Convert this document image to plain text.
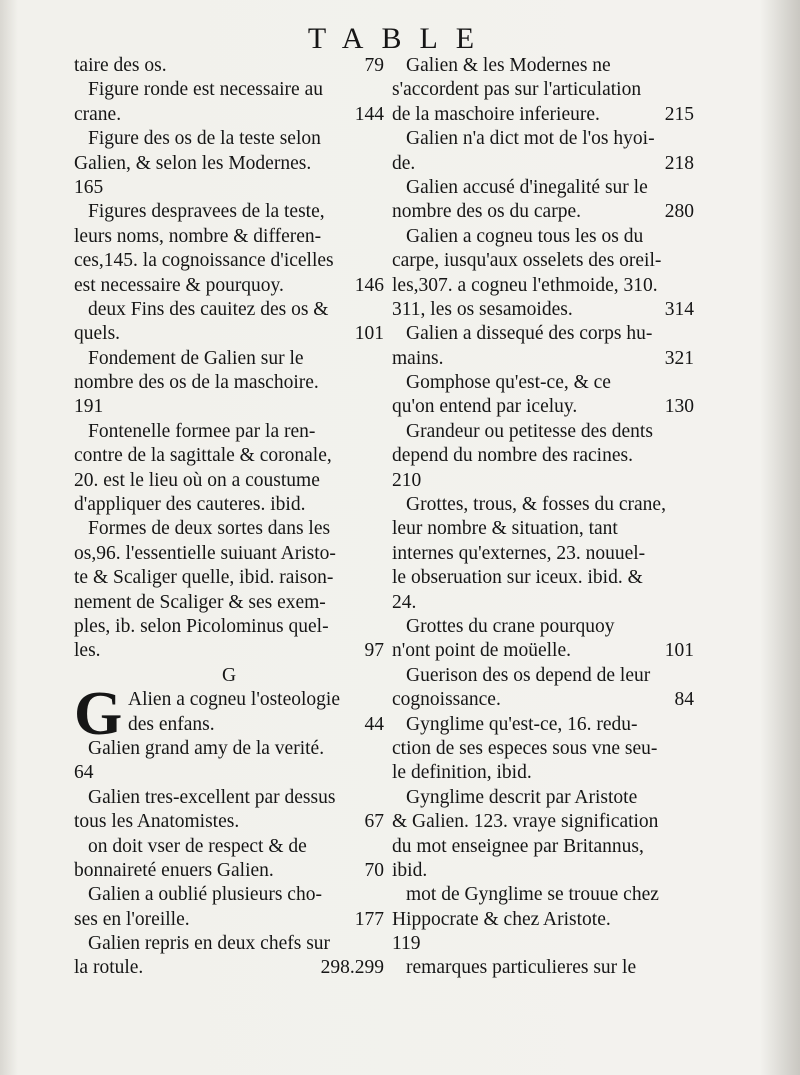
TABLE
taire des os.	79
Figure ronde est necessaire au
crane.	144
Figure des os de la teste selon
Galien, & selon les Modernes.
165
Figures despravees de la teste,
leurs noms, nombre & differen-
ces,145. la cognoissance d'icelles
est necessaire & pourquoy.	146
deux Fins des cauitez des os &
quels.	101
Fondement de Galien sur le
nombre des os de la maschoire.
191
Fontenelle formee par la ren-
contre de la sagittale & coronale,
20. est le lieu où on a coustume
d'appliquer des cauteres. ibid.
Formes de deux sortes dans les
os,96. l'essentielle suiuant Aristo-
te & Scaliger quelle, ibid. raison-
nement de Scaliger & ses exem-
ples, ib. selon Picolominus quel-
les.	97
G
G Alien a cogneu l'osteologie
des enfans.	44
Galien grand amy de la verité.
64
Galien tres-excellent par dessus
tous les Anatomistes.	67
on doit vser de respect & de
bonnaireté enuers Galien.	70
Galien a oublié plusieurs cho-
ses en l'oreille.	177
Galien repris en deux chefs sur
la rotule.	298.299
Galien & les Modernes ne
s'accordent pas sur l'articulation
de la maschoire inferieure.	215
Galien n'a dict mot de l'os hyoi-
de.	218
Galien accusé d'inegalité sur le
nombre des os du carpe.	280
Galien a cogneu tous les os du
carpe, iusqu'aux osselets des oreil-
les,307. a cogneu l'ethmoide, 310.
311, les os sesamoides.	314
Galien a dissequé des corps hu-
mains.	321
Gomphose qu'est-ce, & ce
qu'on entend par iceluy.	130
Grandeur ou petitesse des dents
depend du nombre des racines.
210
Grottes, trous, & fosses du crane,
leur nombre & situation, tant
internes qu'externes, 23. nouuel-
le obseruation sur iceux. ibid. &
24.
Grottes du crane pourquoy
n'ont point de moüelle.	101
Guerison des os depend de leur
cognoissance.	84
Gynglime qu'est-ce, 16. redu-
ction de ses especes sous vne seu-
le definition, ibid.
Gynglime descrit par Aristote
& Galien. 123. vraye signification
du mot enseignee par Britannus,
ibid.
mot de Gynglime se trouue chez
Hippocrate & chez Aristote.
119
remarques particulieres sur le
